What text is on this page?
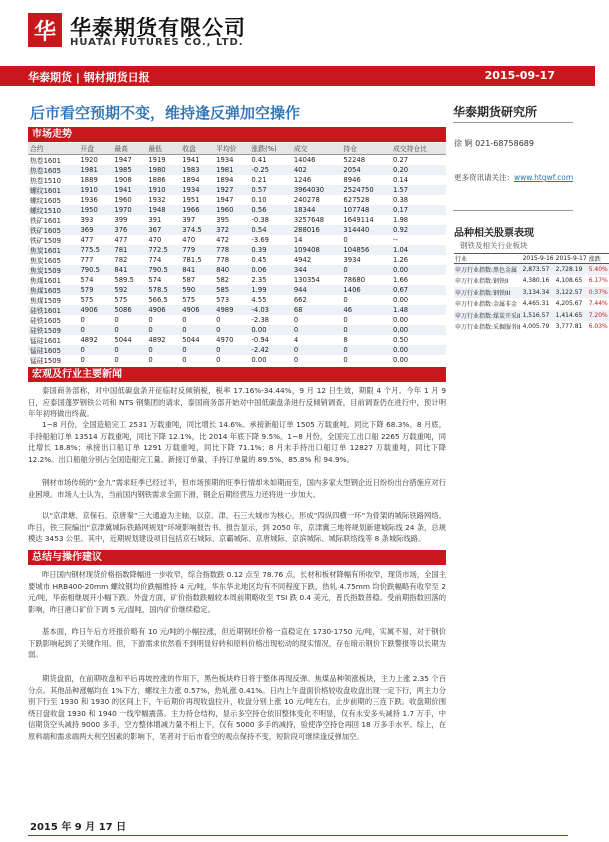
华 华泰期货有限公司
HUATAI FUTURES CO., LTD.
华泰期货 | 钢材期货日报	2015-09-17
后市看空预期不变，维持逢反弹加空操作
市场走势
合约	开盘	最高	最低	收盘	平均价	涨跌(%)	成交	持仓	成交持仓比
热卷1601	1920	1947	1919	1941	1934	0.41	14046	52248	0.27
热卷1605	1981	1985	1980	1983	1981	-0.25	402	2054	0.20
热卷1510	1889	1908	1886	1894	1894	0.21	1246	8946	0.14
螺纹1601	1910	1941	1910	1934	1927	0.57	3964030	2524750	1.57
螺纹1605	1936	1960	1932	1951	1947	0.10	240278	627528	0.38
螺纹1510	1950	1970	1948	1966	1960	0.56	18344	107748	0.17
铁矿1601	393	399	391	397	395	-0.38	3257648	1649114	1.98
铁矿1605	369	376	367	374.5	372	0.54	288016	314440	0.92
铁矿1509	477	477	470	470	472	-3.69	14	0	--
焦炭1601	775.5	781	772.5	779	778	0.39	109408	104856	1.04
焦炭1605	777	782	774	781.5	778	0.45	4942	3934	1.26
焦炭1509	790.5	841	790.5	841	840	0.06	344	0	0.00
焦煤1601	574	589.5	574	587	582	2.35	130354	78680	1.66
焦煤1605	579	592	578.5	590	585	1.99	944	1406	0.67
焦煤1509	575	575	566.5	575	573	4.55	662	0	0.00
硅铁1601	4906	5086	4906	4906	4989	-4.03	68	46	1.48
硅铁1605	0	0	0	0	0	-2.38	0	0	0.00
硅铁1509	0	0	0	0	0	0.00	0	0	0.00
锰硅1601	4892	5044	4892	5044	4970	-0.94	4	8	0.50
锰硅1605	0	0	0	0	0	-2.42	0	0	0.00
锰硅1509	0	0	0	0	0	0.00	0	0	0.00
宏观及行业主要新闻
泰国商务部称，对中国低碳盘条开征临时反倾销税，税率 17.16%-34.44%，9 月 12 日生效，期限 4 个月。今年 1 月 9 日，应泰国蓬罗钢铁公司和 NTS 钢集团的请求，泰国商务部开始对中国低碳盘条进行反倾销调查，目前调查仍在进行中，预计明年年初将做出终裁。
1~8 月份，全国造船完工 2531 万载重吨，同比增长 14.6%。承接新船订单 1505 万载重吨，同比下降 68.3%。8 月底，手持船舶订单 13514 万载重吨，同比下降 12.1%，比 2014 年底下降 9.5%。1~8 月份，全国完工出口船 2265 万载重吨，同比增长 18.8%；承接出口船订单 1291 万载重吨，同比下降 71.1%；8 月末手持出口船订单 12827 万载重吨，同比下降 12.2%。出口船舶分别占全国造船完工量、新接订单量、手持订单量的 89.5%、85.8% 和 94.9%。
钢材市场传统的“金九”需求旺季已经过半，但市场预期的旺季行情却未如期而至，国内多家大型钢企近日纷纷出台措施应对行业困境。市场人士认为，当前国内钢铁需求全面下滑，钢企后期经营压力还将进一步加大。
以“京津塘、京保石、京唐秦”三大通道为主轴，以京、津、石三大城市为核心，形成“四纵四横一环”为骨架的城际铁路网络。昨日，铁三院编出“京津冀城际铁路网规划”环境影响报告书。报告显示，到 2050 年，京津冀三地将规划新建城际线 24 条，总规模达 3453 公里。其中，近期规划建设项目包括京石城际、京霸城际、京唐城际、京滨城际、城际联络线等 8 条城际线路。
总结与操作建议
昨日国内钢材现货价格指数降幅进一步收窄，综合指数跌 0.12 点至 78.76 点，长材和板材降幅有所收窄，现货市场，全国主要城市 HRB400-20mm 螺纹钢均价跌幅维持 4 元/吨，华东华北地区均有不同程度下跌，热轧 4.75mm 均价跌幅略有收窄至 2 元/吨，华南相继展开小幅下跌。外盘方面，矿价指数跌幅较本周前期略收至 TSI 跌 0.4 美元，普氏指数普稳。受前期指数回落的影响，昨日港口矿价下调 5 元/湿吨，国内矿价继续稳定。
基本面，昨日午后方坯报价略有 10 元/吨的小幅拉涨，但近期钢坯价格一直稳定在 1730-1750 元/吨，实属不易，对于钢价下跌影响起到了关键作用。但，下游需求依然看不到明显好转和原料价格出现松动的现实情况，存在暗示钢价下跌警报等以长期为弱。
期货盘面，在前期收盘和平后再坡控涨的作用下，黑色板块昨日将于整体再现反弹。焦煤品种领涨板块，主力上涨 2.35 个百分点。其他品种涨幅均在 1%下方，螺纹主力涨 0.57%，热轧涨 0.41%。日内上午盘面价格较收盘收盘出现一定下行，两主力分别下行至 1930 和 1930 的区间上下，午后期价再现收盘拉升，收盘分别上涨 10 元/吨左右，止步前期的三连下跌。收盘期价围绕日盘收盘 1930 和 1940 一线窄幅震荡。主力持仓结构，显示多空持仓依旧整体变化不明显，仅有永安多头减持 1.7 万手，中信期货空头减持 9000 多手，空方整体增减力量不相上下，仅有 5000 多手的减持，验使净空持仓再回 18 万多手水平。综上，在原料端和需求端两大利空因素的影响下，笔者对于后市看空的观点保持不变，短阶段可继续逢反弹加空。
华泰期货研究所
徐 婀 021-68758689
更多资讯请关注：www.htgwf.com
品种相关股票表现
钢铁及相关行业板块
行业	2015-9-16	2015-9-17	涨跌
申万行业指数:黑色金属	2,873.57	2,728.19	5.40%
申万行业指数:钢铁II	4,380.16	4,108.65	6.17%
申万行业指数:钢铁III	3,134.34	3,122.57	0.37%
申万行业指数:金属非金	4,465.31	4,205.67	7.44%
申万行业指数:煤炭开采II	1,516.57	1,414.65	7.20%
申万行业指数:采掘服务II	4,005.79	3,777.81	6.03%
2015 年 9 月 17 日
